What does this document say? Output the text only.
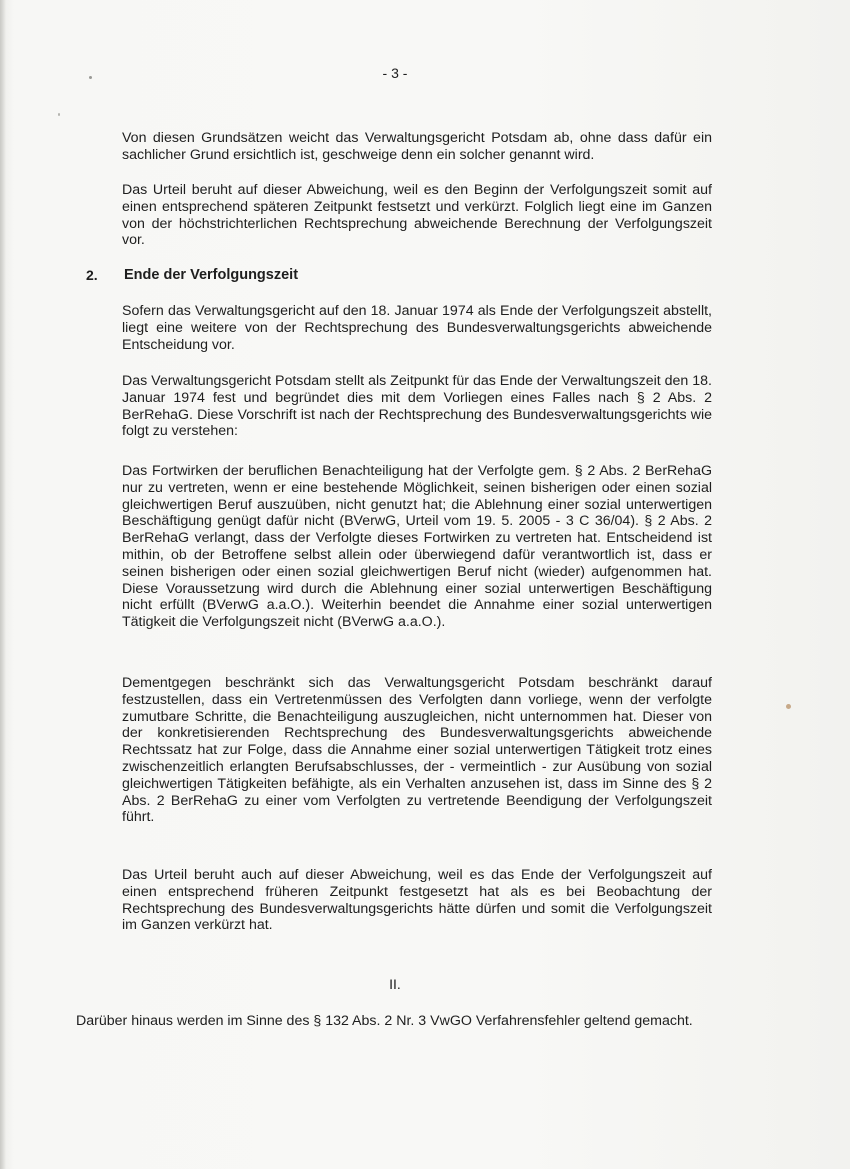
- 3 -
Von diesen Grundsätzen weicht das Verwaltungsgericht Potsdam ab, ohne dass dafür ein sachlicher Grund ersichtlich ist, geschweige denn ein solcher genannt wird.
Das Urteil beruht auf dieser Abweichung, weil es den Beginn der Verfolgungszeit somit auf einen entsprechend späteren Zeitpunkt festsetzt und verkürzt. Folglich liegt eine im Ganzen von der höchstrichterlichen Rechtsprechung abweichende Berechnung der Verfolgungszeit vor.
2. Ende der Verfolgungszeit
Sofern das Verwaltungsgericht auf den 18. Januar 1974 als Ende der Verfolgungszeit abstellt, liegt eine weitere von der Rechtsprechung des Bundesverwaltungsgerichts abweichende Entscheidung vor.
Das Verwaltungsgericht Potsdam stellt als Zeitpunkt für das Ende der Verwaltungszeit den 18. Januar 1974 fest und begründet dies mit dem Vorliegen eines Falles nach § 2 Abs. 2 BerRehaG. Diese Vorschrift ist nach der Rechtsprechung des Bundesverwaltungsgerichts wie folgt zu verstehen:
Das Fortwirken der beruflichen Benachteiligung hat der Verfolgte gem. § 2 Abs. 2 BerRehaG nur zu vertreten, wenn er eine bestehende Möglichkeit, seinen bisherigen oder einen sozial gleichwertigen Beruf auszuüben, nicht genutzt hat; die Ablehnung einer sozial unterwertigen Beschäftigung genügt dafür nicht (BVerwG, Urteil vom 19. 5. 2005 - 3 C 36/04). § 2 Abs. 2 BerRehaG verlangt, dass der Verfolgte dieses Fortwirken zu vertreten hat. Entscheidend ist mithin, ob der Betroffene selbst allein oder überwiegend dafür verantwortlich ist, dass er seinen bisherigen oder einen sozial gleichwertigen Beruf nicht (wieder) aufgenommen hat. Diese Voraussetzung wird durch die Ablehnung einer sozial unterwertigen Beschäftigung nicht erfüllt (BVerwG a.a.O.). Weiterhin beendet die Annahme einer sozial unterwertigen Tätigkeit die Verfolgungszeit nicht (BVerwG a.a.O.).
Dementgegen beschränkt sich das Verwaltungsgericht Potsdam beschränkt darauf festzustellen, dass ein Vertretenmüssen des Verfolgten dann vorliege, wenn der verfolgte zumutbare Schritte, die Benachteiligung auszugleichen, nicht unternommen hat. Dieser von der konkretisierenden Rechtsprechung des Bundesverwaltungsgerichts abweichende Rechtssatz hat zur Folge, dass die Annahme einer sozial unterwertigen Tätigkeit trotz eines zwischenzeitlich erlangten Berufsabschlusses, der - vermeintlich - zur Ausübung von sozial gleichwertigen Tätigkeiten befähigte, als ein Verhalten anzusehen ist, dass im Sinne des § 2 Abs. 2 BerRehaG zu einer vom Verfolgten zu vertretende Beendigung der Verfolgungszeit führt.
Das Urteil beruht auch auf dieser Abweichung, weil es das Ende der Verfolgungszeit auf einen entsprechend früheren Zeitpunkt festgesetzt hat als es bei Beobachtung der Rechtsprechung des Bundesverwaltungsgerichts hätte dürfen und somit die Verfolgungszeit im Ganzen verkürzt hat.
II.
Darüber hinaus werden im Sinne des § 132 Abs. 2 Nr. 3 VwGO Verfahrensfehler geltend gemacht.
